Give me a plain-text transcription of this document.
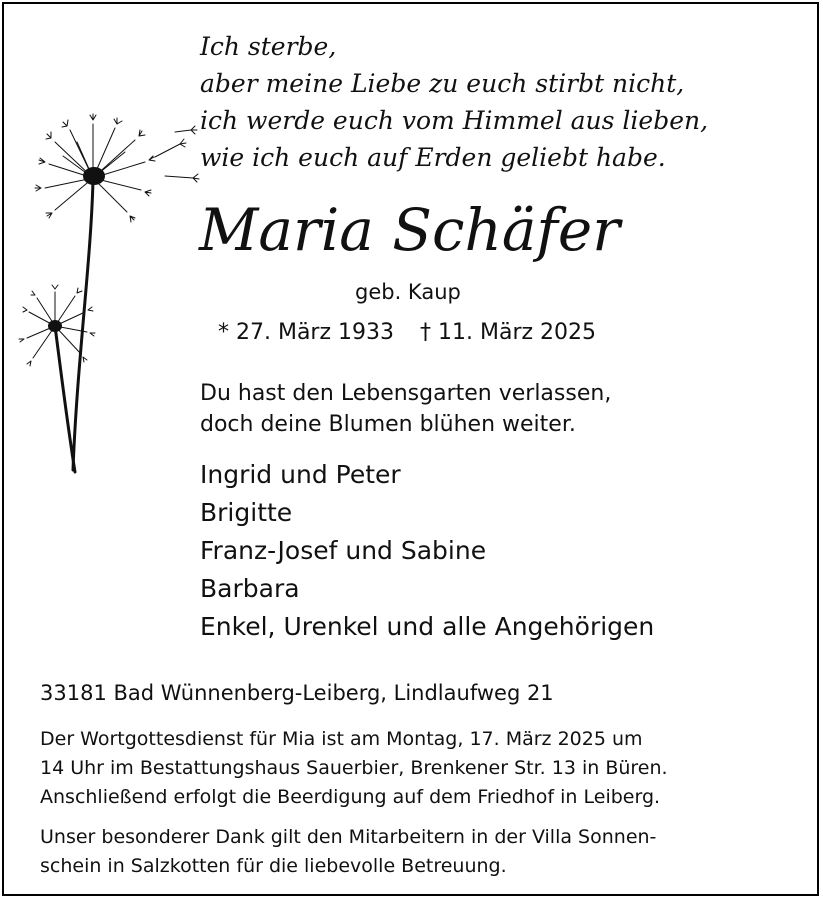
Ich sterbe,
aber meine Liebe zu euch stirbt nicht,
ich werde euch vom Himmel aus lieben,
wie ich euch auf Erden geliebt habe.
Maria Schäfer
geb. Kaup
* 27. März 1933 † 11. März 2025
Du hast den Lebensgarten verlassen,
doch deine Blumen blühen weiter.
Ingrid und Peter
Brigitte
Franz-Josef und Sabine
Barbara
Enkel, Urenkel und alle Angehörigen
33181 Bad Wünnenberg-Leiberg, Lindlaufweg 21
Der Wortgottesdienst für Mia ist am Montag, 17. März 2025 um
14 Uhr im Bestattungshaus Sauerbier, Brenkener Str. 13 in Büren.
Anschließend erfolgt die Beerdigung auf dem Friedhof in Leiberg.
Unser besonderer Dank gilt den Mitarbeitern in der Villa Sonnen-
schein in Salzkotten für die liebevolle Betreuung.
